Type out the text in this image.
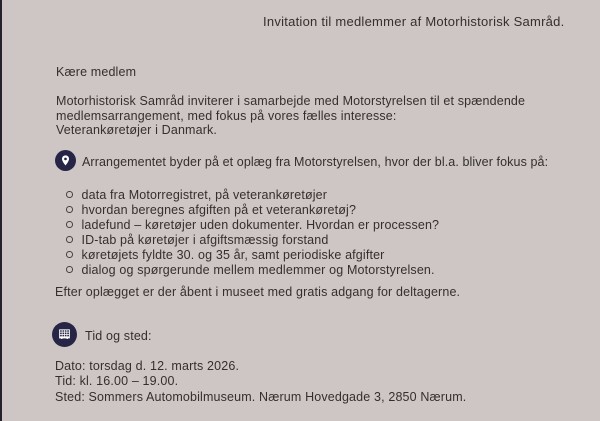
Invitation til medlemmer af Motorhistorisk Samråd.
Kære medlem
Motorhistorisk Samråd inviterer i samarbejde med Motorstyrelsen til et spændende
medlemsarrangement, med fokus på vores fælles interesse:
Veterankøretøjer i Danmark.
Arrangementet byder på et oplæg fra Motorstyrelsen, hvor der bl.a. bliver fokus på:
data fra Motorregistret, på veterankøretøjer
hvordan beregnes afgiften på et veterankøretøj?
ladefund – køretøjer uden dokumenter. Hvordan er processen?
ID-tab på køretøjer i afgiftsmæssig forstand
køretøjets fyldte 30. og 35 år, samt periodiske afgifter
dialog og spørgerunde mellem medlemmer og Motorstyrelsen.
Efter oplægget er der åbent i museet med gratis adgang for deltagerne.
Tid og sted:
Dato: torsdag d. 12. marts 2026.
Tid: kl. 16.00 – 19.00.
Sted: Sommers Automobilmuseum. Nærum Hovedgade 3, 2850 Nærum.
